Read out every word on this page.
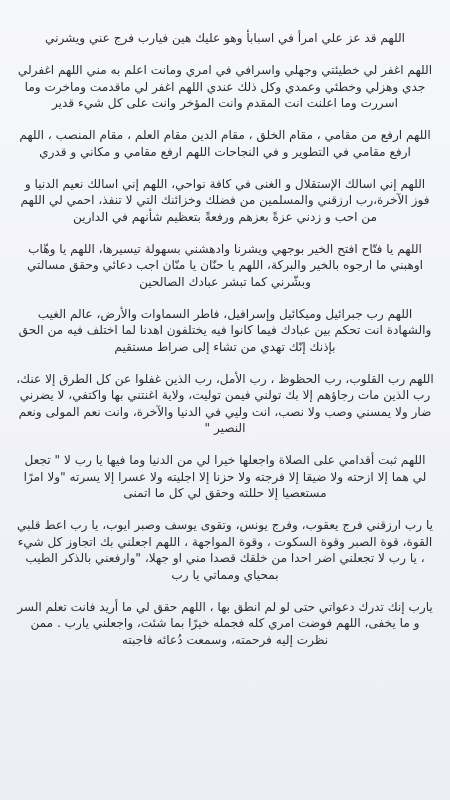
اللهم قد عز علي امرأ في اسبابأ وهو عليك هين فيارب فرج عني ويشرني

اللهم اغفر لي خطيئتي وجهلي واسرافي في امري ومانت اعلم به مني اللهم اغفرلي جدي وهزلي وخطئي وعمدي وكل ذلك عندي اللهم اغفر لي ماقدمت وماخرت وما اسررت وما اعلنت انت المقدم وانت المؤخر وانت على كل شيء قدير

اللهم ارفع من مقامي ، مقام الخلق ، مقام الدين مقام العلم ، مقام المنصب ، اللهم ارفع مقامي في التطوير و في النجاحات اللهم ارفع مقامي و مكاني و قدري

اللهم إني اسالك الإستقلال و الغنى في كافة نواحي، اللهم إني اسالك نعيم الدنيا و فوز الآخرة،رب ارزقني والمسلمين من فضلك وخزائنك التي لا تنفذ، احمي لي اللهم من احب و زدني عزةً بعزهم ورفعةً بتعظيم شأنهم في الدارين

اللهم يا فتّاح افتح الخير بوجهي ويشرنا وادهشني بسهولة تيسيرها، اللهم يا وهّاب اوهبني ما ارجوه بالخير والبركة، اللهم يا حنّان يا منّان اجب دعائي وحقق مسالتي وبشّرني كما تبشر عبادك الصالحين

اللهم رب جبرائيل وميكائيل وإسرافيل، فاطر السماوات والأرض، عالم الغيب والشهادة انت تحكم بين عبادك فيما كانوا فيه يختلفون اهدنا لما اختلف فيه من الحق بإذنك إنّك تهدي من تشاء إلى صراط مستقيم

اللهم رب القلوب، رب الحظوظ ، رب الأمل، رب الذين غفلوا عن كل الطرق إلا عنك، رب الذين مات رجاؤهم إلا بك تولني فيمن توليت، ولاية اغنتني بها واكتفي، لا يضرني ضار ولا يمسني وصب ولا نصب، انت وليي في الدنيا والآخرة، وانت نعم المولى ونعم النصير "

اللهم ثبت أقدامي على الصلاة واجعلها خيرا لي من الدنيا وما فيها يا رب لا " تجعل لي هما إلا ازحته ولا ضيقا إلا فرجته ولا حزنا إلا اجليته ولا عسرا إلا يسرته "ولا امرًا مستعصيا إلا حللته وحقق لي كل ما اتمنى

يا رب ارزقني فرج يعقوب، وفرج يونس، وتقوى يوسف وصبر ايوب، يا رب اعط قلبي القوة، قوة الصبر وقوة السكوت ، وقوة المواجهة ، اللهم اجعلني بك اتجاوز كل شيء ، يا رب لا تجعلني اضر احدا من خلقك قصدا مني او جهلا، "وارفعني بالذكر الطيب بمحياي ومماتي يا رب

يارب إنك تدرك دعواتي حتى لو لم انطق بها ، اللهم حقق لي ما أريد فانت تعلم السر و ما يخفى، اللهم فوضت امري كله فجمله خيرًا بما شئت، واجعلني يارب . ممن نظرت إليه فرحمته، وسمعت دُعائه فاجبته
